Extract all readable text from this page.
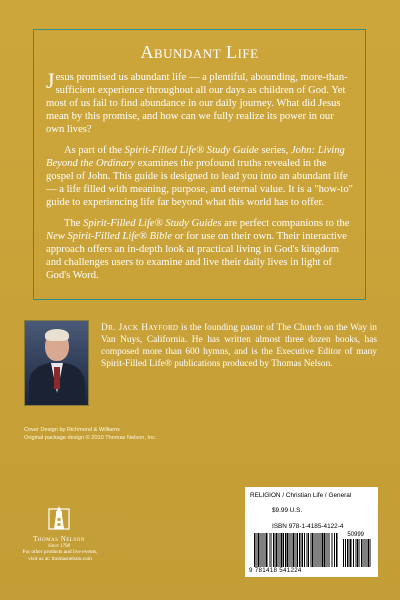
Abundant Life

Jesus promised us abundant life — a plentiful, abounding, more-than-sufficient experience throughout all our days as children of God. Yet most of us fail to find abundance in our daily journey. What did Jesus mean by this promise, and how can we fully realize its power in our own lives?

As part of the Spirit-Filled Life® Study Guide series, John: Living Beyond the Ordinary examines the profound truths revealed in the gospel of John. This guide is designed to lead you into an abundant life — a life filled with meaning, purpose, and eternal value. It is a "how-to" guide to experiencing life far beyond what this world has to offer.

The Spirit-Filled Life® Study Guides are perfect companions to the New Spirit-Filled Life® Bible or for use on their own. Their interactive approach offers an in-depth look at practical living in God's kingdom and challenges users to examine and live their daily lives in light of God's Word.

Dr. Jack Hayford is the founding pastor of The Church on the Way in Van Nuys, California. He has written almost three dozen books, has composed more than 600 hymns, and is the Executive Editor of many Spirit-Filled Life® publications produced by Thomas Nelson.
Cover Design by Richmond & Williams
Original package design © 2010 Thomas Nelson, Inc.
Thomas Nelson
Since 1798
For other products and live events,
visit us at: thomasnelson.com

RELIGION / Christian Life / General

$9.99 U.S.

ISBN 978-1-4185-4122-4

50999
9 781418 541224
